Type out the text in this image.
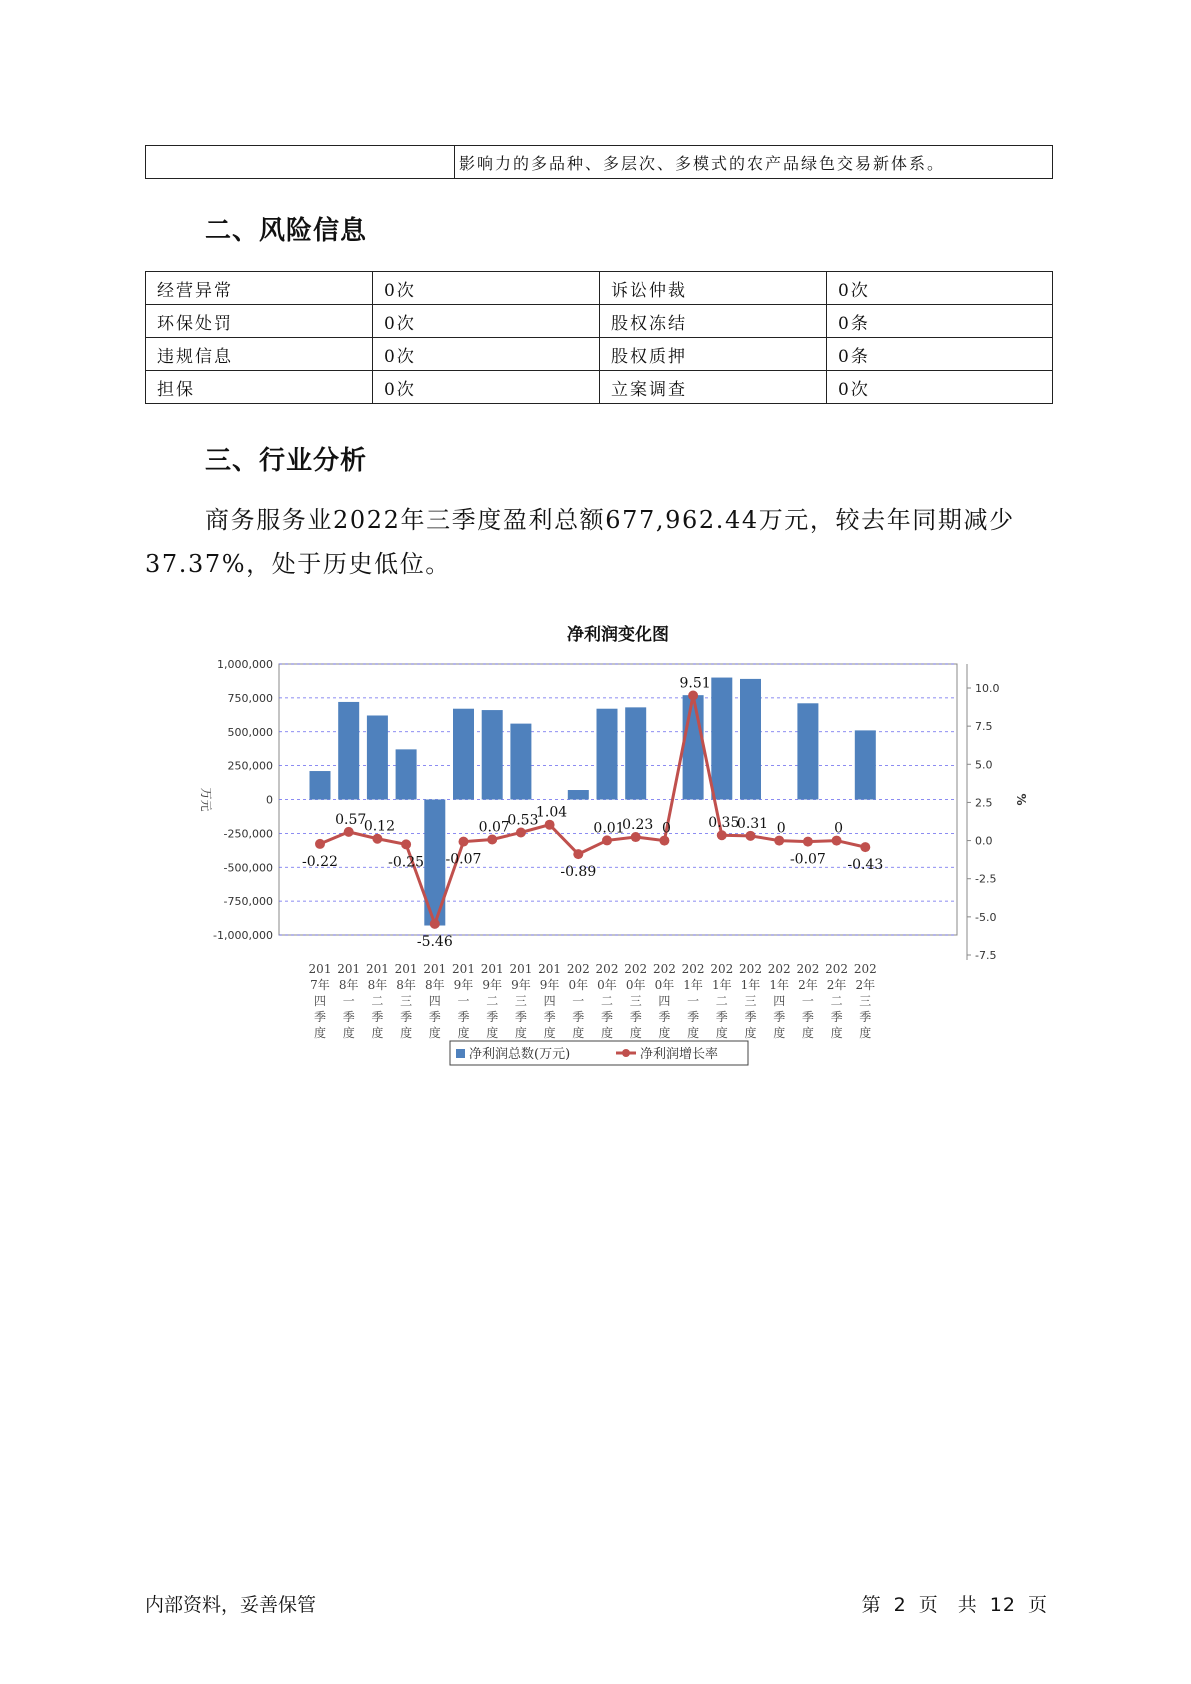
	影响力的多品种、多层次、多模式的农产品绿色交易新体系。
二、风险信息
经营异常	0次	诉讼仲裁	0次
环保处罚	0次	股权冻结	0条
违规信息	0次	股权质押	0条
担保	0次	立案调查	0次
三、行业分析
商务服务业2022年三季度盈利总额677,962.44万元，较去年同期减少37.37%，处于历史低位。
净利润变化图
1,000,000
750,000
500,000
250,000
0
-250,000
-500,000
-750,000
-1,000,000
10.0
7.5
5.0
2.5
0.0
-2.5
-5.0
-7.5
万元	%
-0.22
0.57
0.12
-0.25
-5.46
-0.07
0.07
0.53
1.04
-0.89
0.01
0.23 0
9.51
0.35
0.31 0
-0.07
0
-0.43
201
7年
四
季
度
201
8年
一
季
度
201
8年
二
季
度
201
8年
三
季
度
201
8年
四
季
度
201
9年
一
季
度
201
9年
二
季
度
201
9年
三
季
度
201
9年
四
季
度
202
0年
一
季
度
202
0年
二
季
度
202
0年
三
季
度
202
0年
四
季
度
202
1年
一
季
度
202
1年
二
季
度
202
1年
三
季
度
202
1年
四
季
度
202
2年
一
季
度
202
2年
二
季
度
202
2年
三
季
度
净利润总数(万元)	净利润增长率
内部资料，妥善保管	第 2 页 共 12 页
